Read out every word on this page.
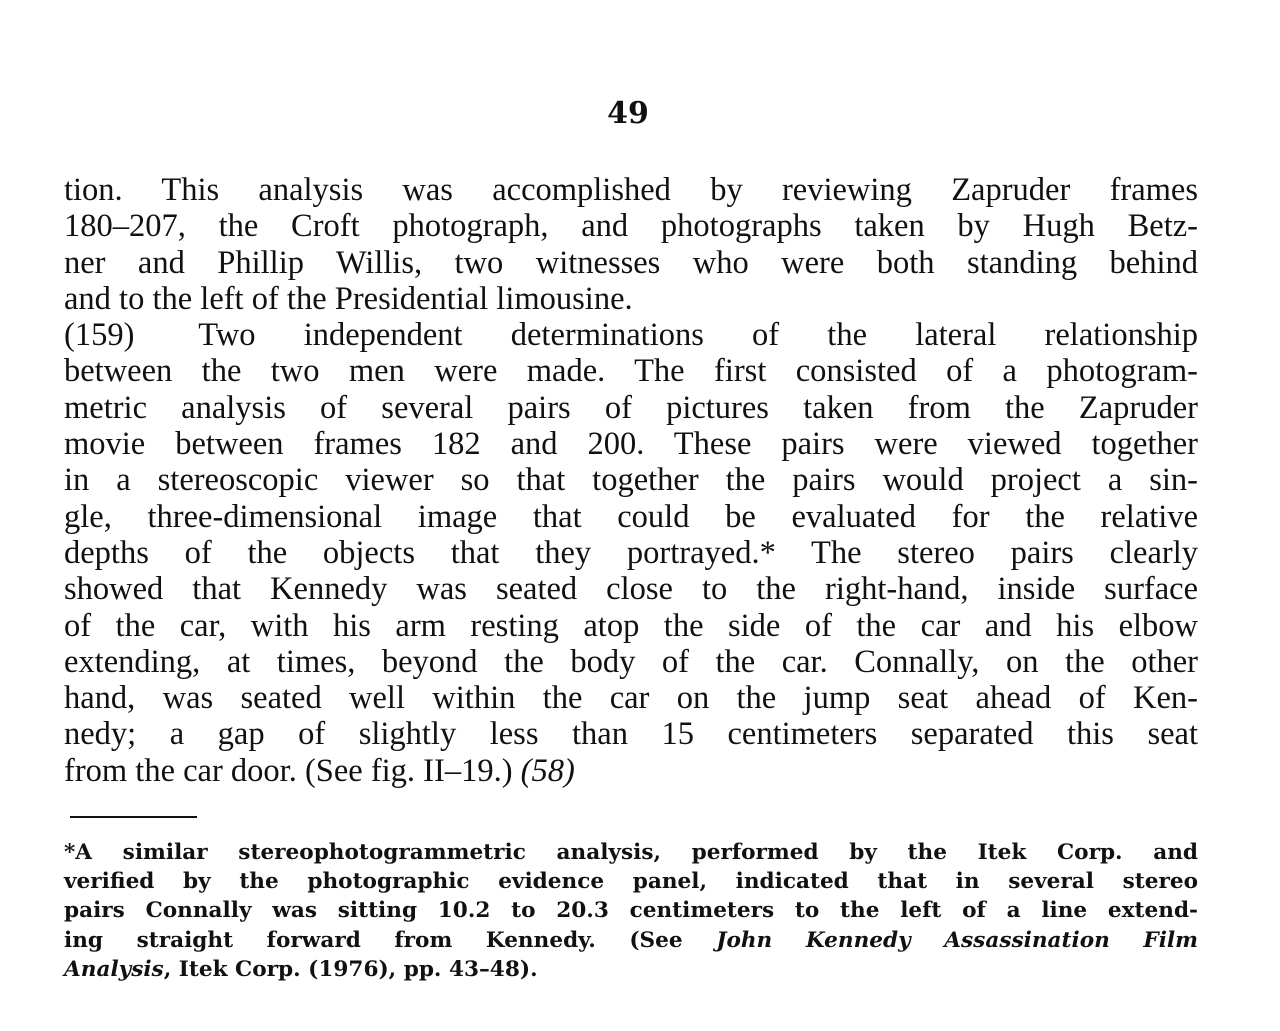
49
tion. This analysis was accomplished by reviewing Zapruder frames
180–207, the Croft photograph, and photographs taken by Hugh Betz-
ner and Phillip Willis, two witnesses who were both standing behind
and to the left of the Presidential limousine.
(159) Two independent determinations of the lateral relationship
between the two men were made. The first consisted of a photogram-
metric analysis of several pairs of pictures taken from the Zapruder
movie between frames 182 and 200. These pairs were viewed together
in a stereoscopic viewer so that together the pairs would project a sin-
gle, three-dimensional image that could be evaluated for the relative
depths of the objects that they portrayed.* The stereo pairs clearly
showed that Kennedy was seated close to the right-hand, inside surface
of the car, with his arm resting atop the side of the car and his elbow
extending, at times, beyond the body of the car. Connally, on the other
hand, was seated well within the car on the jump seat ahead of Ken-
nedy; a gap of slightly less than 15 centimeters separated this seat
from the car door. (See fig. II–19.) (58)
*A similar stereophotogrammetric analysis, performed by the Itek Corp. and
verified by the photographic evidence panel, indicated that in several stereo
pairs Connally was sitting 10.2 to 20.3 centimeters to the left of a line extend-
ing straight forward from Kennedy. (See John Kennedy Assassination Film
Analysis, Itek Corp. (1976), pp. 43–48).
